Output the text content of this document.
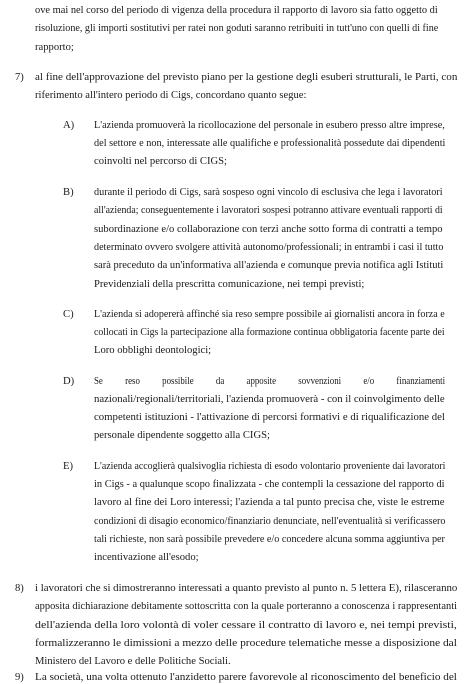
ove mai nel corso del periodo di vigenza della procedura il rapporto di lavoro sia fatto oggetto di
risoluzione, gli importi sostitutivi per ratei non goduti saranno retribuiti in tutt'uno con quelli di fine
rapporto;
7) al fine dell'approvazione del previsto piano per la gestione degli esuberi strutturali, le Parti, con
riferimento all'intero periodo di Cigs, concordano quanto segue:
A) L'azienda promuoverà la ricollocazione del personale in esubero presso altre imprese,
del settore e non, interessate alle qualifiche e professionalità possedute dai dipendenti
coinvolti nel percorso di CIGS;
B) durante il periodo di Cigs, sarà sospeso ogni vincolo di esclusiva che lega i lavoratori
all'azienda; conseguentemente i lavoratori sospesi potranno attivare eventuali rapporti di
subordinazione e/o collaborazione con terzi anche sotto forma di contratti a tempo
determinato ovvero svolgere attività autonomo/professionali; in entrambi i casi il tutto
sarà preceduto da un'informativa all'azienda e comunque previa notifica agli Istituti
Previdenziali della prescritta comunicazione, nei tempi previsti;
C) L'azienda si adopererà affinché sia reso sempre possibile ai giornalisti ancora in forza e
collocati in Cigs la partecipazione alla formazione continua obbligatoria facente parte dei
Loro obblighi deontologici;
D) Se reso possibile da apposite sovvenzioni e/o finanziamenti
nazionali/regionali/territoriali, l'azienda promuoverà - con il coinvolgimento delle
competenti istituzioni - l'attivazione di percorsi formativi e di riqualificazione del
personale dipendente soggetto alla CIGS;
E) L'azienda accoglierà qualsivoglia richiesta di esodo volontario proveniente dai lavoratori
in Cigs - a qualunque scopo finalizzata - che contempli la cessazione del rapporto di
lavoro al fine dei Loro interessi; l'azienda a tal punto precisa che, viste le estreme
condizioni di disagio economico/finanziario denunciate, nell'eventualità si verificassero
tali richieste, non sarà possibile prevedere e/o concedere alcuna somma aggiuntiva per
incentivazione all'esodo;
8) i lavoratori che si dimostreranno interessati a quanto previsto al punto n. 5 lettera E), rilasceranno
apposita dichiarazione debitamente sottoscritta con la quale porteranno a conoscenza i rappresentanti
dell'azienda della loro volontà di voler cessare il contratto di lavoro e, nei tempi previsti,
formalizzeranno le dimissioni a mezzo delle procedure telematiche messe a disposizione dal
Ministero del Lavoro e delle Politiche Sociali.
9) La società, una volta ottenuto l'anzidetto parere favorevole al riconoscimento del beneficio del
